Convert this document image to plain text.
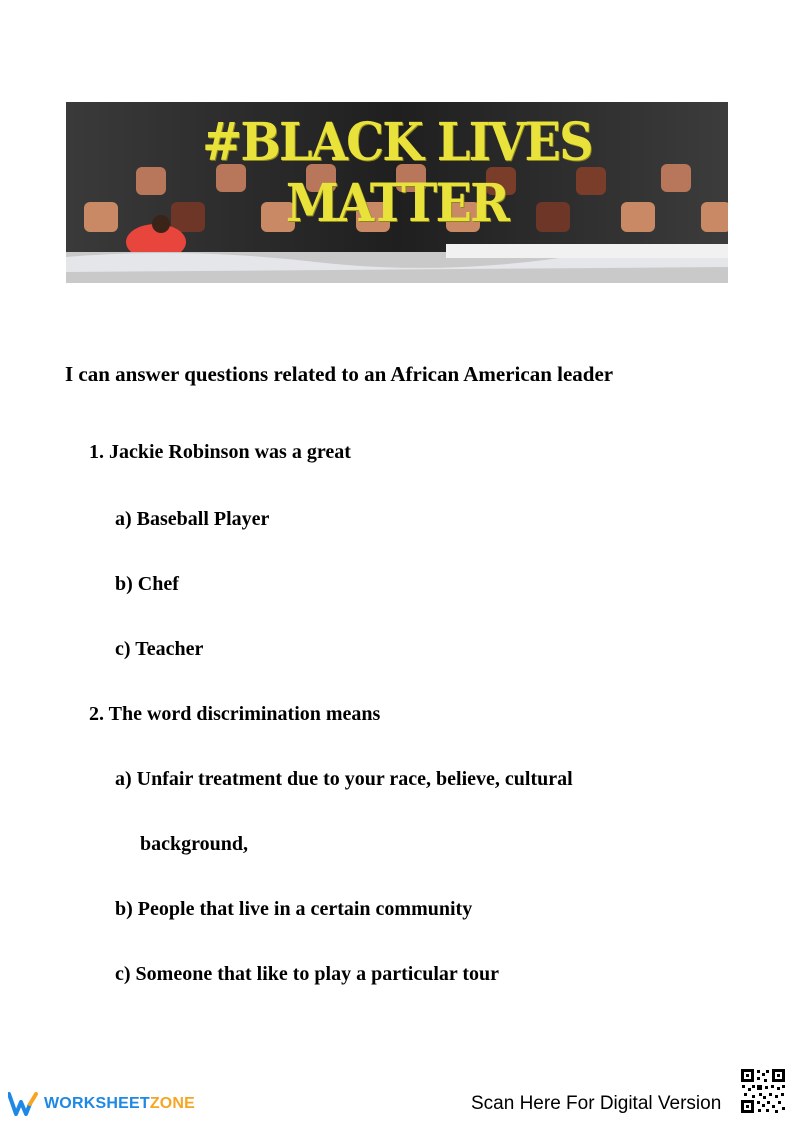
#BLACK LIVES MATTER
I can answer questions related to an African American leader
1. Jackie Robinson was a great
a) Baseball Player
b) Chef
c) Teacher
2. The word discrimination means
a) Unfair treatment due to your race, believe, cultural
background,
b) People that live in a certain community
c) Someone that like to play a particular tour
WORKSHEETZONE	Scan Here For Digital Version
